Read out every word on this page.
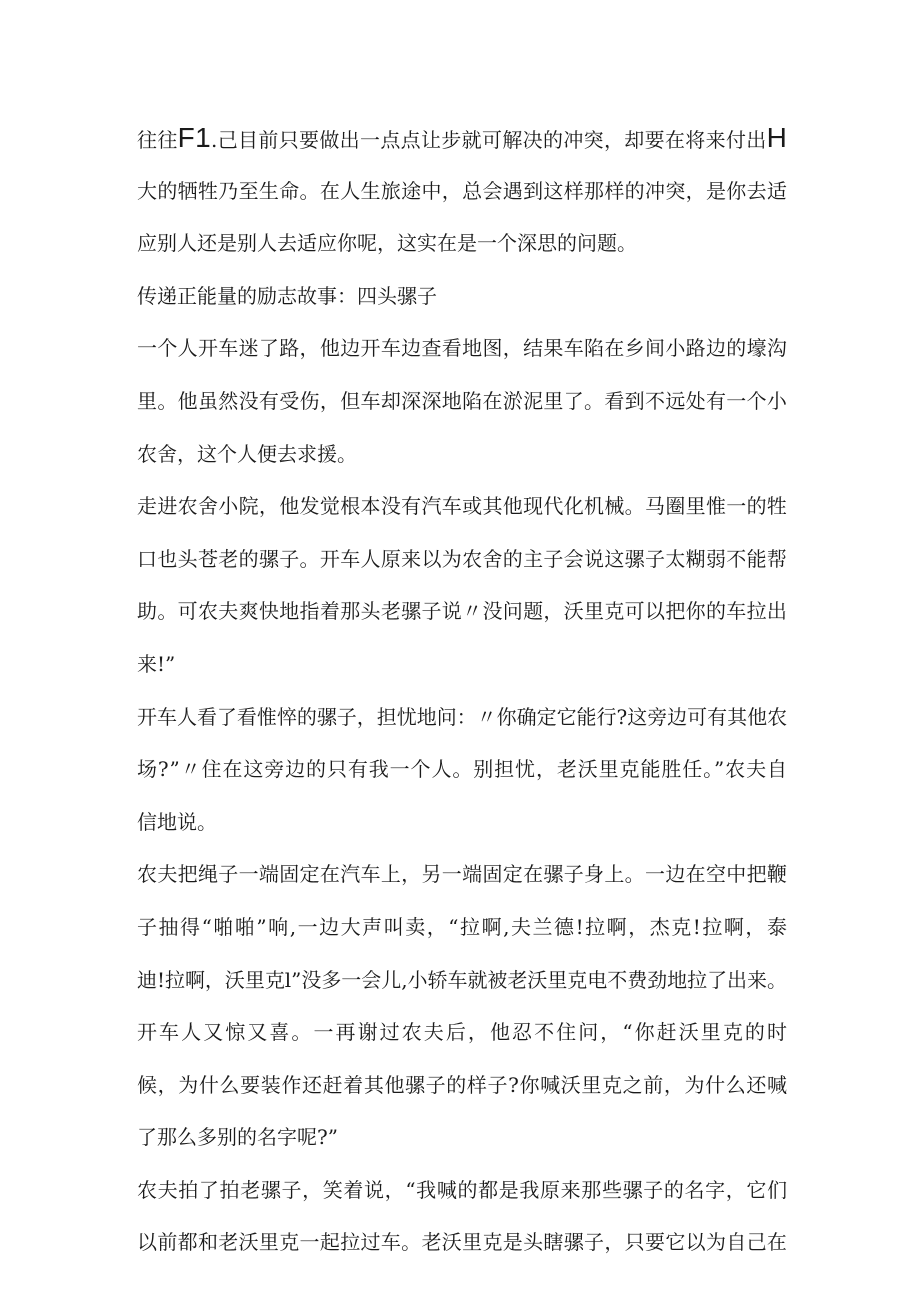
往往F1.己目前只要做出一点点让步就可解决的冲突，却要在将来付出H
大的牺牲乃至生命。在人生旅途中，总会遇到这样那样的冲突，是你去适
应别人还是别人去适应你呢，这实在是一个深思的问题。
传递正能量的励志故事：四头骡子
一个人开车迷了路，他边开车边查看地图，结果车陷在乡间小路边的壕沟
里。他虽然没有受伤，但车却深深地陷在淤泥里了。看到不远处有一个小
农舍，这个人便去求援。
走进农舍小院，他发觉根本没有汽车或其他现代化机械。马圈里惟一的牲
口也头苍老的骡子。开车人原来以为农舍的主子会说这骡子太糊弱不能帮
助。可农夫爽快地指着那头老骡子说〃没问题，沃里克可以把你的车拉出
来!”
开车人看了看惟悴的骡子，担忧地问：〃你确定它能行?这旁边可有其他农
场?”〃住在这旁边的只有我一个人。别担忧，老沃里克能胜任。”农夫自
信地说。
农夫把绳子一端固定在汽车上，另一端固定在骡子身上。一边在空中把鞭
子抽得“啪啪”响,一边大声叫卖，“拉啊,夫兰德!拉啊，杰克!拉啊，泰
迪!拉啊，沃里克l”没多一会儿,小轿车就被老沃里克电不费劲地拉了出来。
开车人又惊又喜。一再谢过农夫后，他忍不住问，“你赶沃里克的时
候，为什么要装作还赶着其他骡子的样子?你喊沃里克之前，为什么还喊
了那么多别的名字呢?”
农夫拍了拍老骡子，笑着说，“我喊的都是我原来那些骡子的名字，它们
以前都和老沃里克一起拉过车。老沃里克是头瞎骡子，只要它以为自己在
